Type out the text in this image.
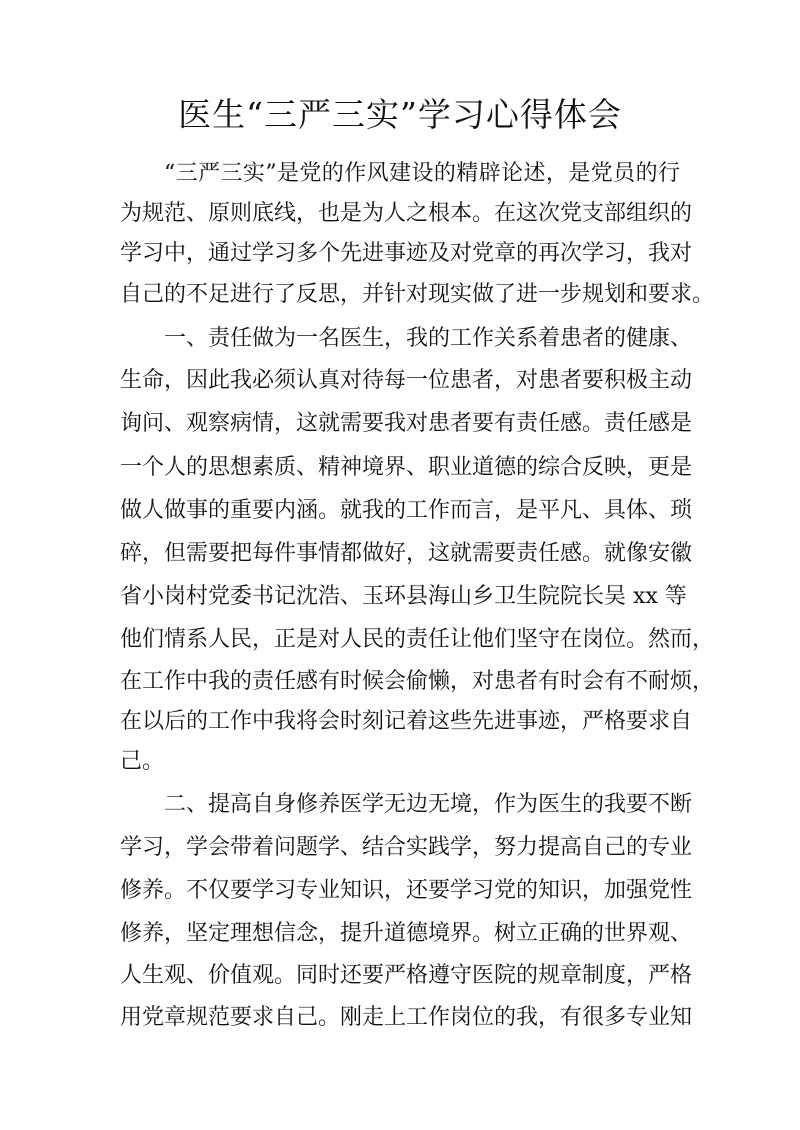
医生“三严三实”学习心得体会

“三严三实”是党的作风建设的精辟论述，是党员的行

为规范、原则底线，也是为人之根本。在这次党支部组织的

学习中，通过学习多个先进事迹及对党章的再次学习，我对

自己的不足进行了反思，并针对现实做了进一步规划和要求。

一、责任做为一名医生，我的工作关系着患者的健康、

生命，因此我必须认真对待每一位患者，对患者要积极主动

询问、观察病情，这就需要我对患者要有责任感。责任感是

一个人的思想素质、精神境界、职业道德的综合反映，更是

做人做事的重要内涵。就我的工作而言，是平凡、具体、琐

碎，但需要把每件事情都做好，这就需要责任感。就像安徽

省小岗村党委书记沈浩、玉环县海山乡卫生院院长吴 xx 等

他们情系人民，正是对人民的责任让他们坚守在岗位。然而，

在工作中我的责任感有时候会偷懒，对患者有时会有不耐烦，

在以后的工作中我将会时刻记着这些先进事迹，严格要求自

己。

二、提高自身修养医学无边无境，作为医生的我要不断

学习，学会带着问题学、结合实践学，努力提高自己的专业

修养。不仅要学习专业知识，还要学习党的知识，加强党性

修养，坚定理想信念，提升道德境界。树立正确的世界观、

人生观、价值观。同时还要严格遵守医院的规章制度，严格

用党章规范要求自己。刚走上工作岗位的我，有很多专业知
